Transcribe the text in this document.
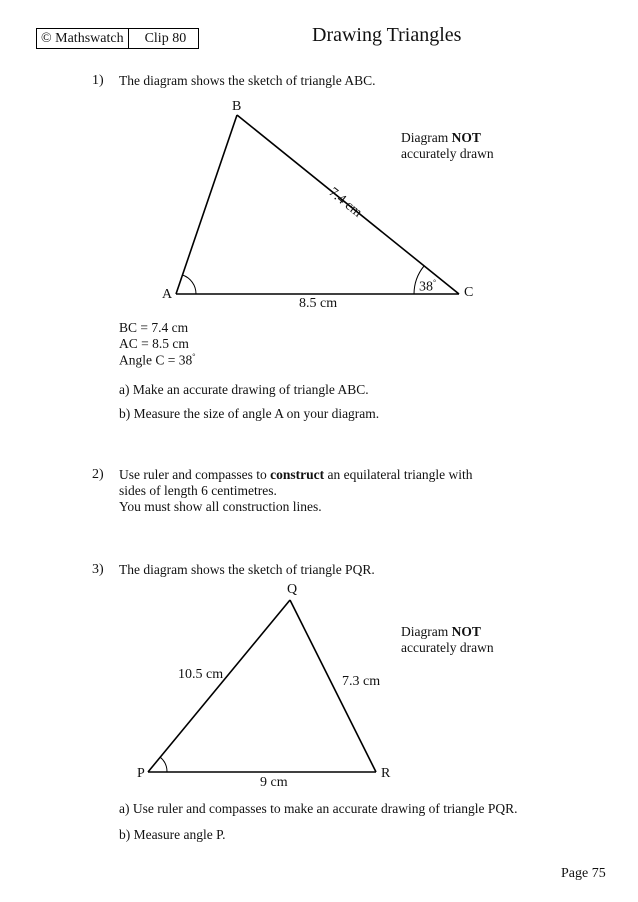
© Mathswatch	Clip 80	Drawing Triangles
1) The diagram shows the sketch of triangle ABC.
B
A	C
7.4 cm
8.5 cm
38°
Diagram NOT
accurately drawn
BC = 7.4 cm
AC = 8.5 cm
Angle C = 38°
a) Make an accurate drawing of triangle ABC.
b) Measure the size of angle A on your diagram.
2) Use ruler and compasses to construct an equilateral triangle with
sides of length 6 centimetres.
You must show all construction lines.
3) The diagram shows the sketch of triangle PQR.
Q
P	R
10.5 cm	7.3 cm
9 cm
Diagram NOT
accurately drawn
a) Use ruler and compasses to make an accurate drawing of triangle PQR.
b) Measure angle P.
Page 75
